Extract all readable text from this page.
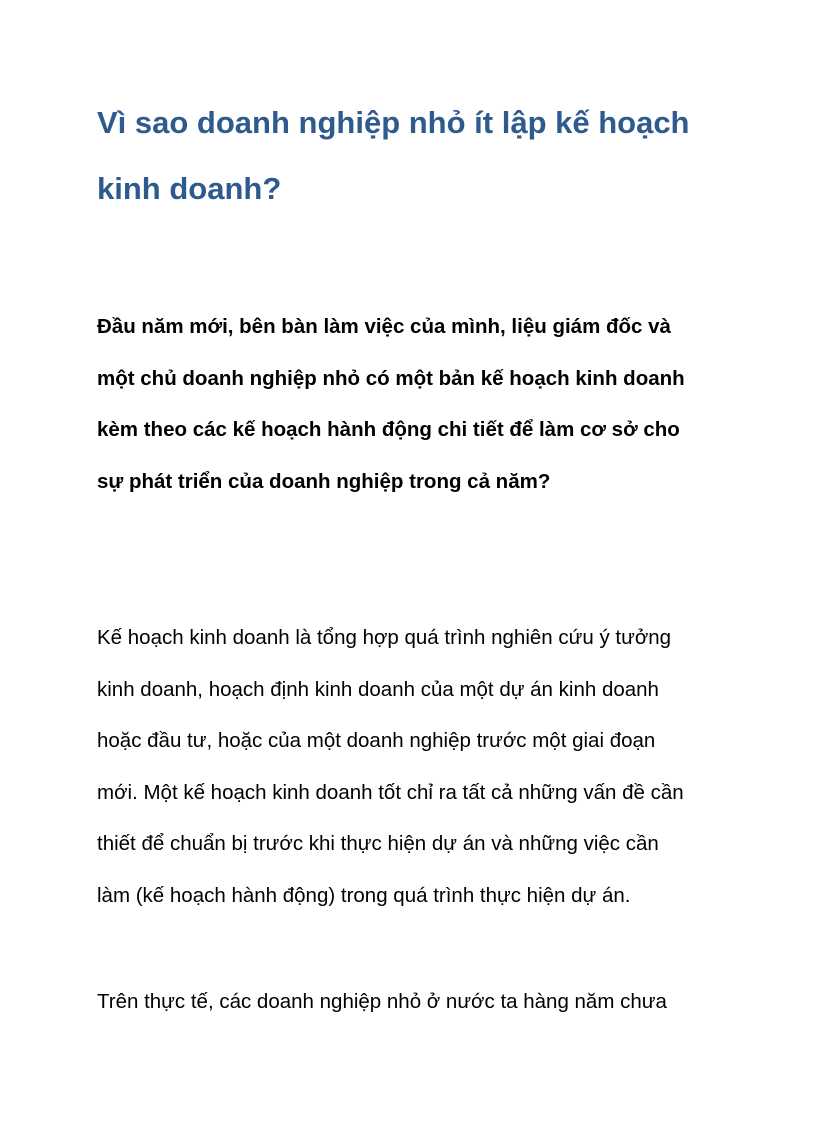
Vì sao doanh nghiệp nhỏ ít lập kế hoạch
kinh doanh?

Đầu năm mới, bên bàn làm việc của mình, liệu giám đốc và
một chủ doanh nghiệp nhỏ có một bản kế hoạch kinh doanh
kèm theo các kế hoạch hành động chi tiết để làm cơ sở cho
sự phát triển của doanh nghiệp trong cả năm?

Kế hoạch kinh doanh là tổng hợp quá trình nghiên cứu ý tưởng
kinh doanh, hoạch định kinh doanh của một dự án kinh doanh
hoặc đầu tư, hoặc của một doanh nghiệp trước một giai đoạn
mới. Một kế hoạch kinh doanh tốt chỉ ra tất cả những vấn đề cần
thiết để chuẩn bị trước khi thực hiện dự án và những việc cần
làm (kế hoạch hành động) trong quá trình thực hiện dự án.

Trên thực tế, các doanh nghiệp nhỏ ở nước ta hàng năm chưa
